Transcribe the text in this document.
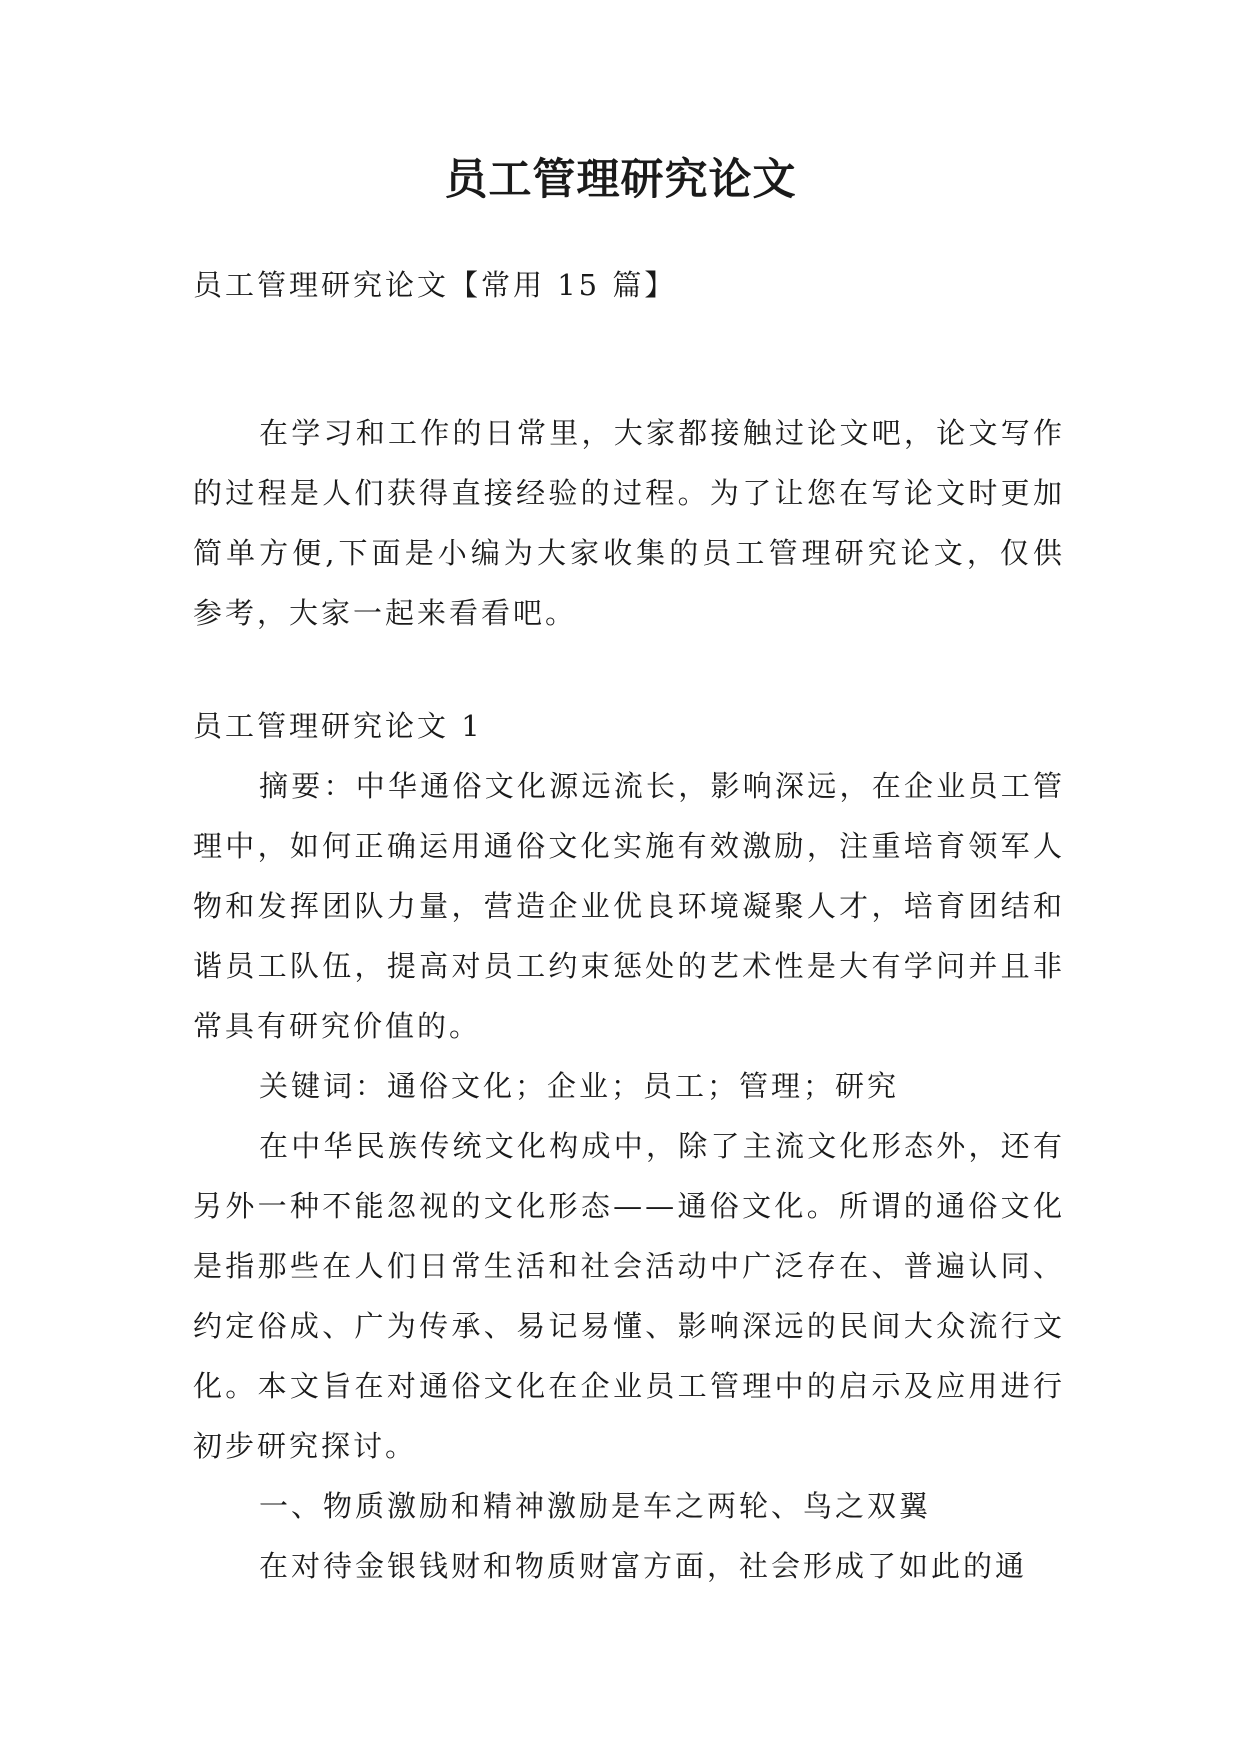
员工管理研究论文
员工管理研究论文【常用 15 篇】

在学习和工作的日常里，大家都接触过论文吧，论文写作的过程是人们获得直接经验的过程。为了让您在写论文时更加简单方便,下面是小编为大家收集的员工管理研究论文，仅供参考，大家一起来看看吧。

员工管理研究论文 1

摘要：中华通俗文化源远流长，影响深远，在企业员工管理中，如何正确运用通俗文化实施有效激励，注重培育领军人物和发挥团队力量，营造企业优良环境凝聚人才，培育团结和谐员工队伍，提高对员工约束惩处的艺术性是大有学问并且非常具有研究价值的。

关键词：通俗文化；企业；员工；管理；研究

在中华民族传统文化构成中，除了主流文化形态外，还有另外一种不能忽视的文化形态——通俗文化。所谓的通俗文化是指那些在人们日常生活和社会活动中广泛存在、普遍认同、约定俗成、广为传承、易记易懂、影响深远的民间大众流行文化。本文旨在对通俗文化在企业员工管理中的启示及应用进行初步研究探讨。

一、物质激励和精神激励是车之两轮、鸟之双翼

在对待金银钱财和物质财富方面，社会形成了如此的通
